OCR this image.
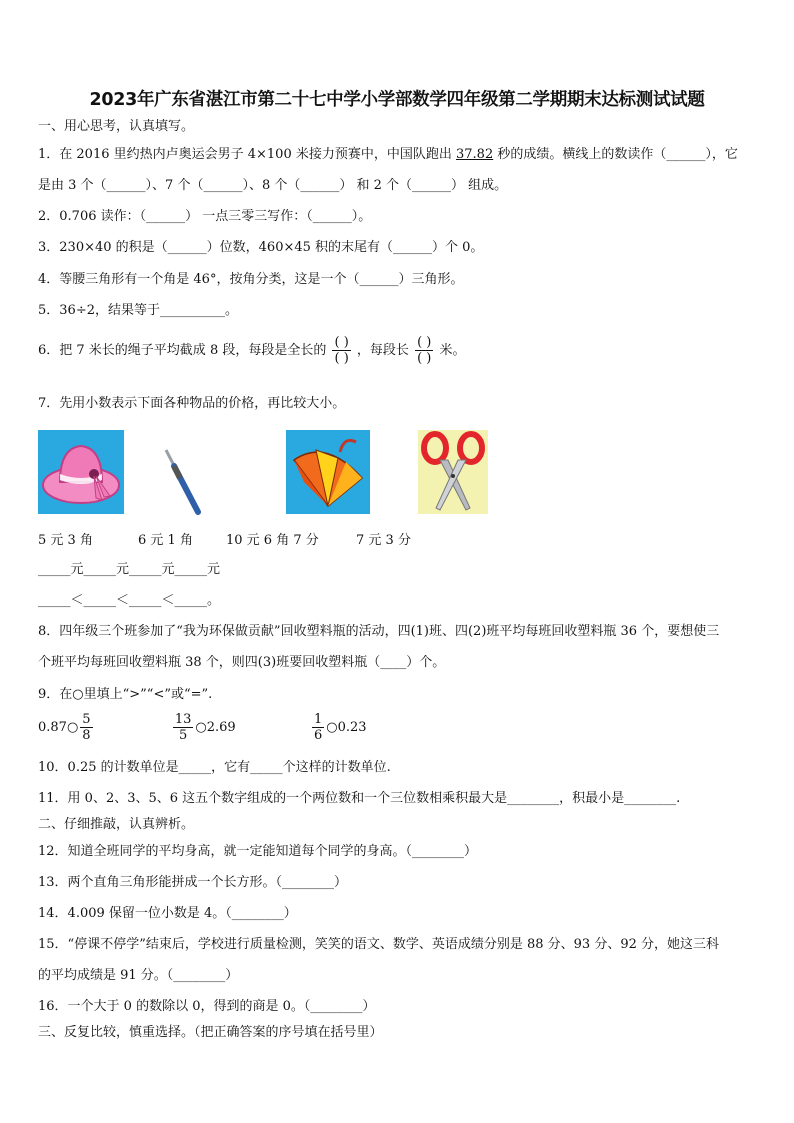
2023年广东省湛江市第二十七中学小学部数学四年级第二学期期末达标测试试题
一、用心思考，认真填写。
1．在 2016 里约热内卢奥运会男子 4×100 米接力预赛中，中国队跑出 37.82 秒的成绩。横线上的数读作（______），它
是由 3 个（______）、7 个（______）、8 个（______） 和 2 个（______） 组成。
2．0.706 读作：（______） 一点三零三写作：（______）。
3．230×40 的积是（______）位数，460×45 积的末尾有（______）个 0。
4．等腰三角形有一个角是 46°，按角分类，这是一个（______）三角形。
5．36÷2，结果等于__________。
6．把 7 米长的绳子平均截成 8 段，每段是全长的 $\frac{( )}{( )}$ ，每段长 $\frac{( )}{( )}$ 米。
7．先用小数表示下面各种物品的价格，再比较大小。
5 元 3 角	6 元 1 角	10 元 6 角 7 分	7 元 3 分
_____元_____元_____元_____元
_____＜_____＜_____＜_____。
8．四年级三个班参加了“我为环保做贡献”回收塑料瓶的活动，四(1)班、四(2)班平均每班回收塑料瓶 36 个，要想使三
个班平均每班回收塑料瓶 38 个，则四(3)班要回收塑料瓶（____）个。
9．在○里填上“>”“<”或“=”.
0.87○ $\frac{5}{8}$
	$\frac{13}{5}$ ○2.69	$\frac{1}{6}$ ○0.23
10．0.25 的计数单位是_____，它有_____个这样的计数单位.
11．用 0、2、3、5、6 这五个数字组成的一个两位数和一个三位数相乘积最大是________，积最小是________.
二、仔细推敲，认真辨析。
12．知道全班同学的平均身高，就一定能知道每个同学的身高。（________）
13．两个直角三角形能拼成一个长方形。（________）
14．4.009 保留一位小数是 4。（________）
15．“停课不停学”结束后，学校进行质量检测，笑笑的语文、数学、英语成绩分别是 88 分、93 分、92 分，她这三科
的平均成绩是 91 分。（________）
16．一个大于 0 的数除以 0，得到的商是 0。（________）
三、反复比较，慎重选择。（把正确答案的序号填在括号里）
